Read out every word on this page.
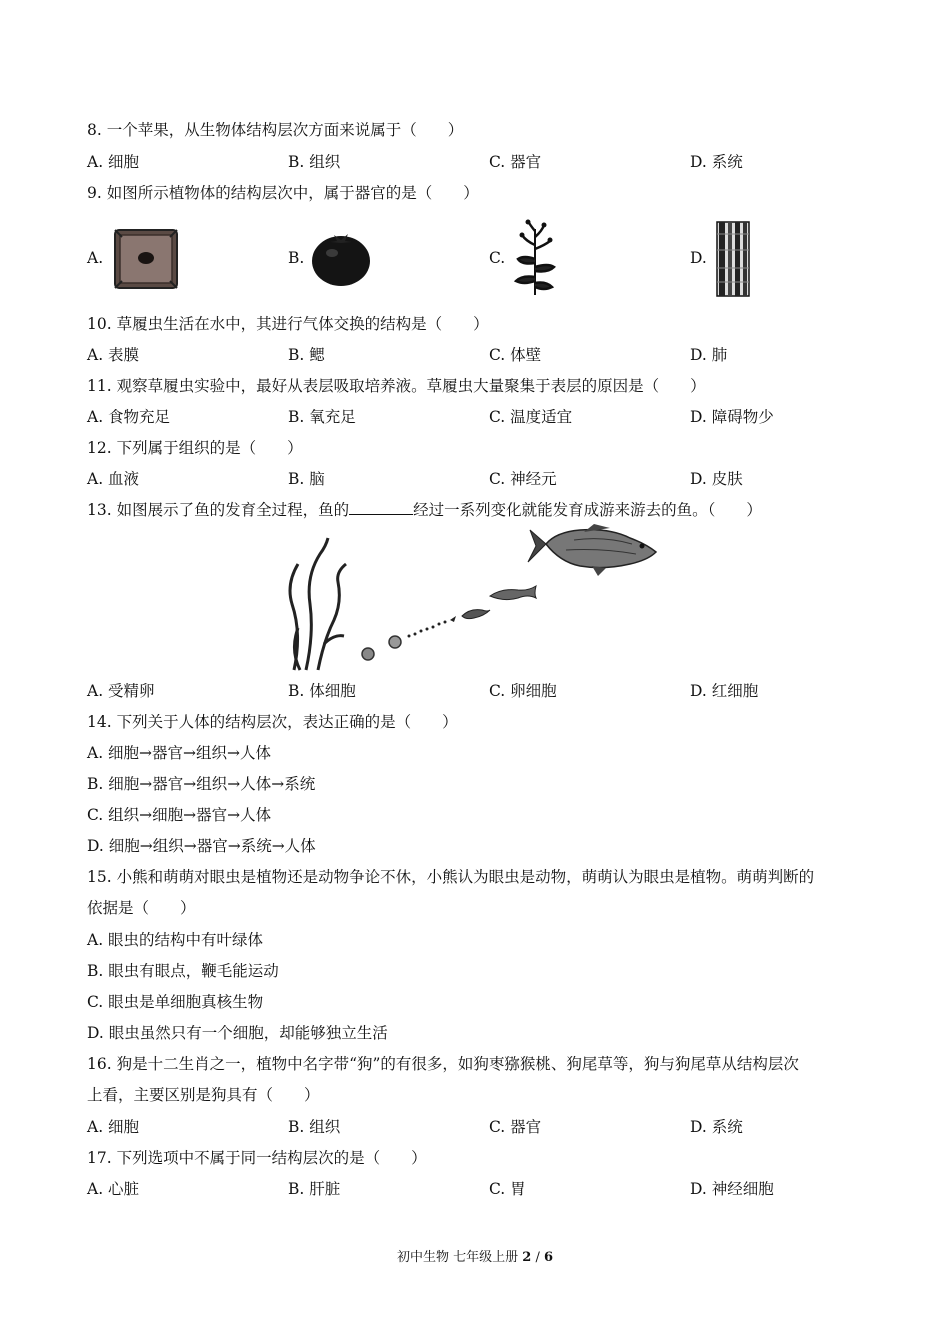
8. 一个苹果，从生物体结构层次方面来说属于（　　）
A. 细胞	B. 组织	C. 器官	D. 系统
9. 如图所示植物体的结构层次中，属于器官的是（　　）
A.	B.	C.	D.
10. 草履虫生活在水中，其进行气体交换的结构是（　　）
A. 表膜	B. 鳃	C. 体壁	D. 肺
11. 观察草履虫实验中，最好从表层吸取培养液。草履虫大量聚集于表层的原因是（　　）
A. 食物充足	B. 氧充足	C. 温度适宜	D. 障碍物少
12. 下列属于组织的是（　　）
A. 血液	B. 脑	C. 神经元	D. 皮肤
13. 如图展示了鱼的发育全过程，鱼的	经过一系列变化就能发育成游来游去的鱼。（　　）
A. 受精卵	B. 体细胞	C. 卵细胞	D. 红细胞
14. 下列关于人体的结构层次，表达正确的是（　　）
A. 细胞→器官→组织→人体
B. 细胞→器官→组织→人体→系统
C. 组织→细胞→器官→人体
D. 细胞→组织→器官→系统→人体
15. 小熊和萌萌对眼虫是植物还是动物争论不休，小熊认为眼虫是动物，萌萌认为眼虫是植物。萌萌判断的
依据是（　　）
A. 眼虫的结构中有叶绿体
B. 眼虫有眼点，鞭毛能运动
C. 眼虫是单细胞真核生物
D. 眼虫虽然只有一个细胞，却能够独立生活
16. 狗是十二生肖之一，植物中名字带“狗”的有很多，如狗枣猕猴桃、狗尾草等，狗与狗尾草从结构层次
上看，主要区别是狗具有（　　）
A. 细胞	B. 组织	C. 器官	D. 系统
17. 下列选项中不属于同一结构层次的是（　　）
A. 心脏	B. 肝脏	C. 胃	D. 神经细胞
初中生物 七年级上册 2 / 6
